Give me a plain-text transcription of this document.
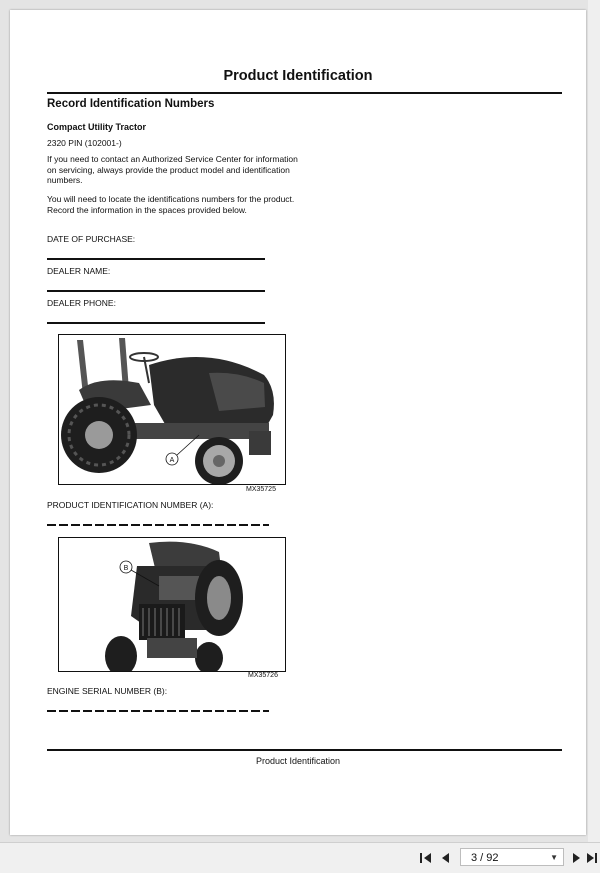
Product Identification
Record Identification Numbers
Compact Utility Tractor
2320 PIN (102001-)
If you need to contact an Authorized Service Center for information on servicing, always provide the product model and identification numbers.
You will need to locate the identifications numbers for the product. Record the information in the spaces provided below.
DATE OF PURCHASE:
DEALER NAME:
DEALER PHONE:
A
MX35725
PRODUCT IDENTIFICATION NUMBER (A):
B
MX35726
ENGINE SERIAL NUMBER (B):
Product Identification
3 / 92	▼
